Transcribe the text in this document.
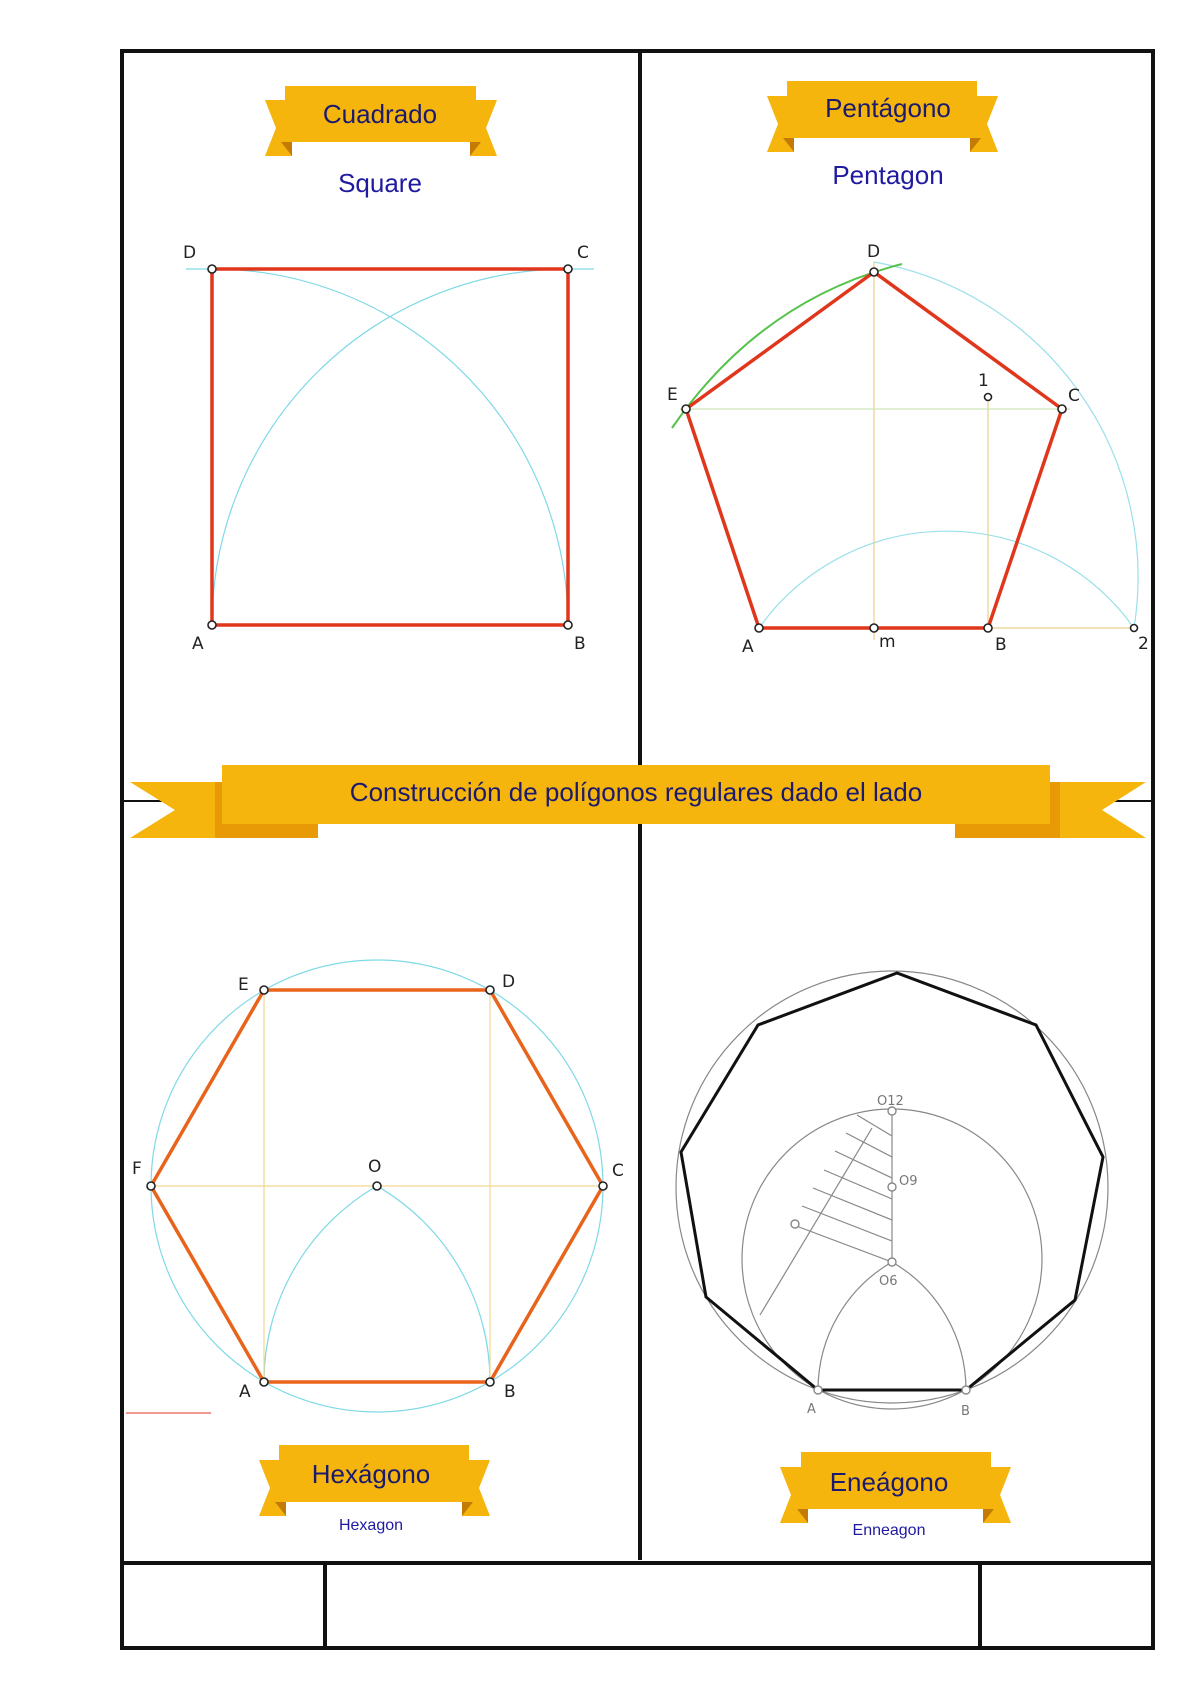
Cuadrado
Square
A	B
C
D
Pentágono
Pentagon
A	B
C
D
E
m
1
2
Construcción de polígonos regulares dado el lado
A	B
C
D
E
F	O
Hexágono
Hexagon
A	B
O6
O9
O12
Eneágono
Enneagon
